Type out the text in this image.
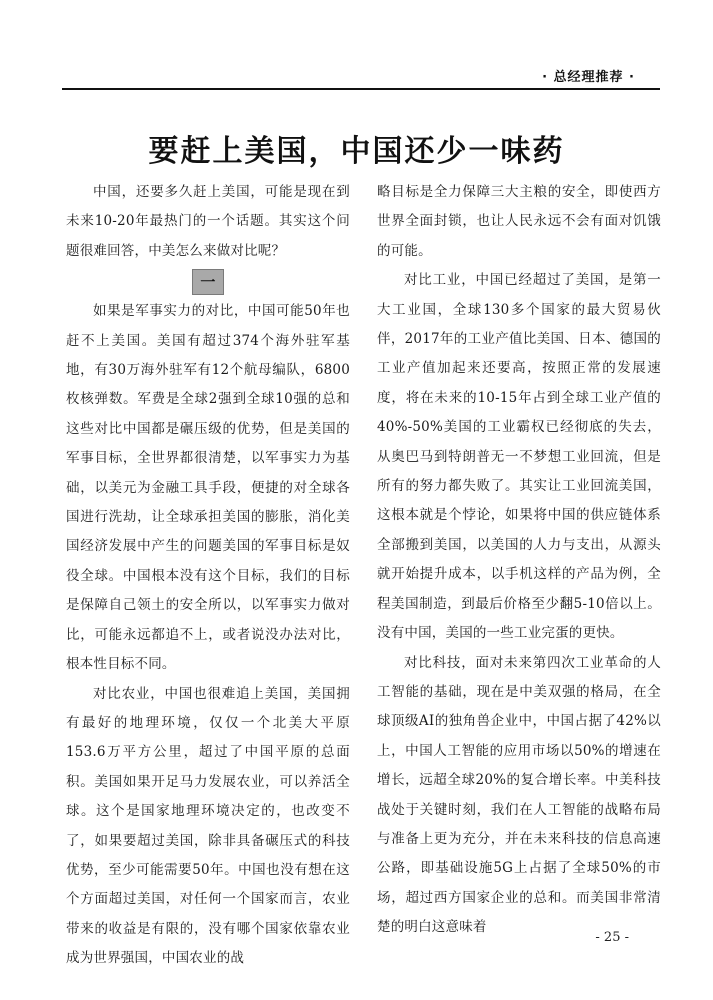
· 总经理推荐 ·
要赶上美国，中国还少一味药

中国，还要多久赶上美国，可能是现在到未来10-20年最热门的一个话题。其实这个问题很难回答，中美怎么来做对比呢？

一

如果是军事实力的对比，中国可能50年也赶不上美国。美国有超过374个海外驻军基地，有30万海外驻军有12个航母编队，6800枚核弹数。军费是全球2强到全球10强的总和这些对比中国都是碾压级的优势，但是美国的军事目标，全世界都很清楚，以军事实力为基础，以美元为金融工具手段，便捷的对全球各国进行洗劫，让全球承担美国的膨胀，消化美国经济发展中产生的问题美国的军事目标是奴役全球。中国根本没有这个目标，我们的目标是保障自己领土的安全所以，以军事实力做对比，可能永远都追不上，或者说没办法对比，根本性目标不同。

对比农业，中国也很难追上美国，美国拥有最好的地理环境，仅仅一个北美大平原153.6万平方公里，超过了中国平原的总面积。美国如果开足马力发展农业，可以养活全球。这个是国家地理环境决定的，也改变不了，如果要超过美国，除非具备碾压式的科技优势，至少可能需要50年。中国也没有想在这个方面超过美国，对任何一个国家而言，农业带来的收益是有限的，没有哪个国家依靠农业成为世界强国，中国农业的战

略目标是全力保障三大主粮的安全，即使西方世界全面封锁，也让人民永远不会有面对饥饿的可能。

对比工业，中国已经超过了美国，是第一大工业国，全球130多个国家的最大贸易伙伴，2017年的工业产值比美国、日本、德国的工业产值加起来还要高，按照正常的发展速度，将在未来的10-15年占到全球工业产值的40%-50%美国的工业霸权已经彻底的失去，从奥巴马到特朗普无一不梦想工业回流，但是所有的努力都失败了。其实让工业回流美国，这根本就是个悖论，如果将中国的供应链体系全部搬到美国，以美国的人力与支出，从源头就开始提升成本，以手机这样的产品为例，全程美国制造，到最后价格至少翻5-10倍以上。没有中国，美国的一些工业完蛋的更快。

对比科技，面对未来第四次工业革命的人工智能的基础，现在是中美双强的格局，在全球顶级AI的独角兽企业中，中国占据了42%以上，中国人工智能的应用市场以50%的增速在增长，远超全球20%的复合增长率。中美科技战处于关键时刻，我们在人工智能的战略布局与准备上更为充分，并在未来科技的信息高速公路，即基础设施5G上占据了全球50%的市场，超过西方国家企业的总和。而美国非常清楚的明白这意味着

- 25 -
